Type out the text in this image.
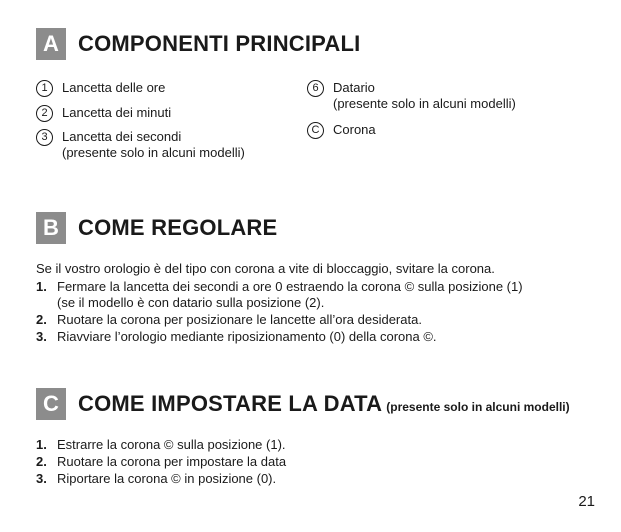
A COMPONENTI PRINCIPALI
1	Lancetta delle ore
2	Lancetta dei minuti
3	Lancetta dei secondi
(presente solo in alcuni modelli)
6	Datario
(presente solo in alcuni modelli)
C	Corona
B COME REGOLARE
Se il vostro orologio è del tipo con corona a vite di bloccaggio, svitare la corona.
1. Fermare la lancetta dei secondi a ore 0 estraendo la corona © sulla posizione (1)
(se il modello è con datario sulla posizione (2).
2. Ruotare la corona per posizionare le lancette all’ora desiderata.
3. Riavviare l’orologio mediante riposizionamento (0) della corona ©.
C COME IMPOSTARE LA DATA (presente solo in alcuni modelli)
1. Estrarre la corona © sulla posizione (1).
2. Ruotare la corona per impostare la data
3. Riportare la corona © in posizione (0).
21
